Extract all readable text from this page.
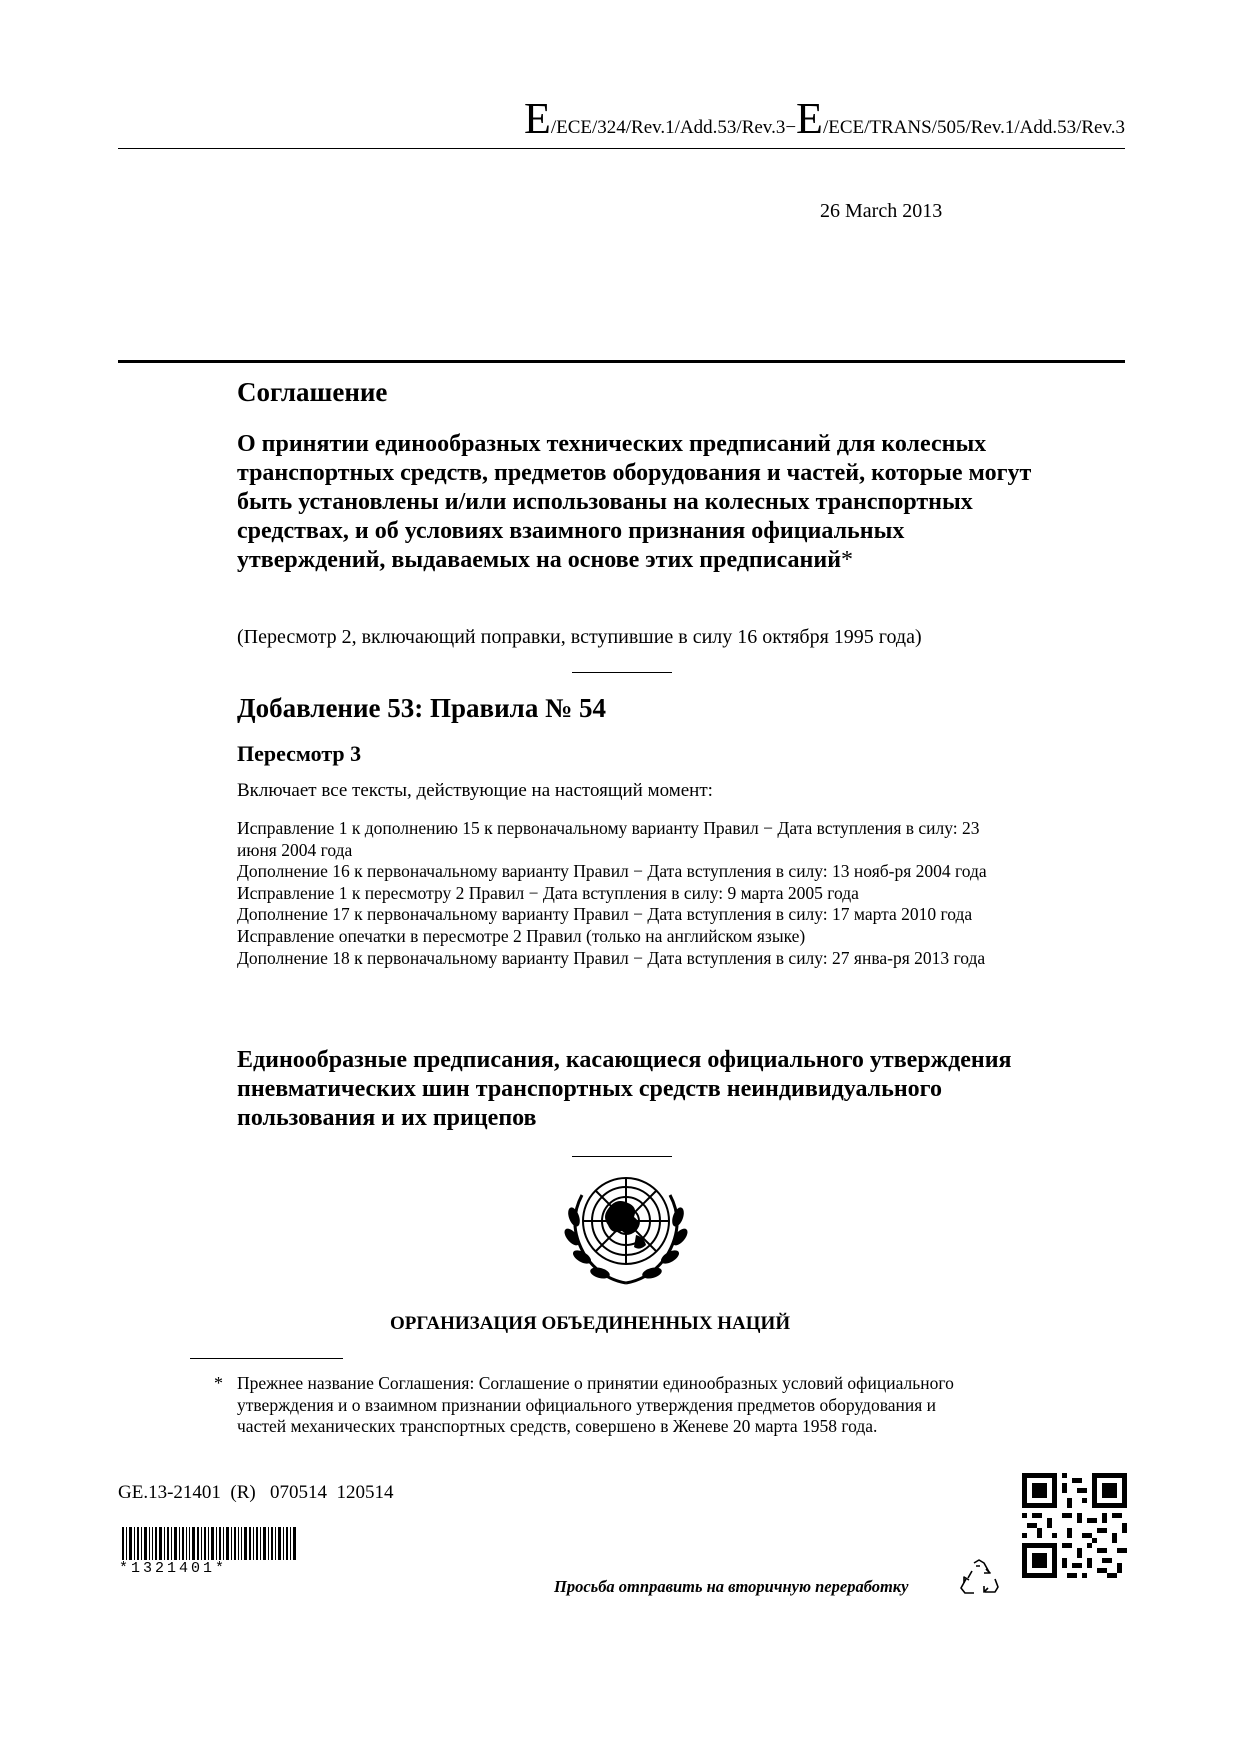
E/ECE/324/Rev.1/Add.53/Rev.3−E/ECE/TRANS/505/Rev.1/Add.53/Rev.3
26 March 2013
Соглашение
О принятии единообразных технических предписаний для колесных транспортных средств, предметов оборудования и частей, которые могут быть установлены и/или использованы на колесных транспортных средствах, и об условиях взаимного признания официальных утверждений, выдаваемых на основе этих предписаний*
(Пересмотр 2, включающий поправки, вступившие в силу 16 октября 1995 года)
Добавление 53: Правила № 54
Пересмотр 3
Включает все тексты, действующие на настоящий момент:
Исправление 1 к дополнению 15 к первоначальному варианту Правил − Дата вступления в силу: 23 июня 2004 года
Дополнение 16 к первоначальному варианту Правил − Дата вступления в силу: 13 нояб-ря 2004 года
Исправление 1 к пересмотру 2 Правил − Дата вступления в силу: 9 марта 2005 года
Дополнение 17 к первоначальному варианту Правил − Дата вступления в силу: 17 марта 2010 года
Исправление опечатки в пересмотре 2 Правил (только на английском языке)
Дополнение 18 к первоначальному варианту Правил − Дата вступления в силу: 27 янва-ря 2013 года
Единообразные предписания, касающиеся официального утверждения пневматических шин транспортных средств неиндивидуального пользования и их прицепов
ОРГАНИЗАЦИЯ ОБЪЕДИНЕННЫХ НАЦИЙ
* Прежнее название Соглашения: Соглашение о принятии единообразных условий официального утверждения и о взаимном признании официального утверждения предметов оборудования и частей механических транспортных средств, совершено в Женеве 20 марта 1958 года.
GE.13-21401  (R)   070514  120514
*1321401*
Просьба отправить на вторичную переработку
